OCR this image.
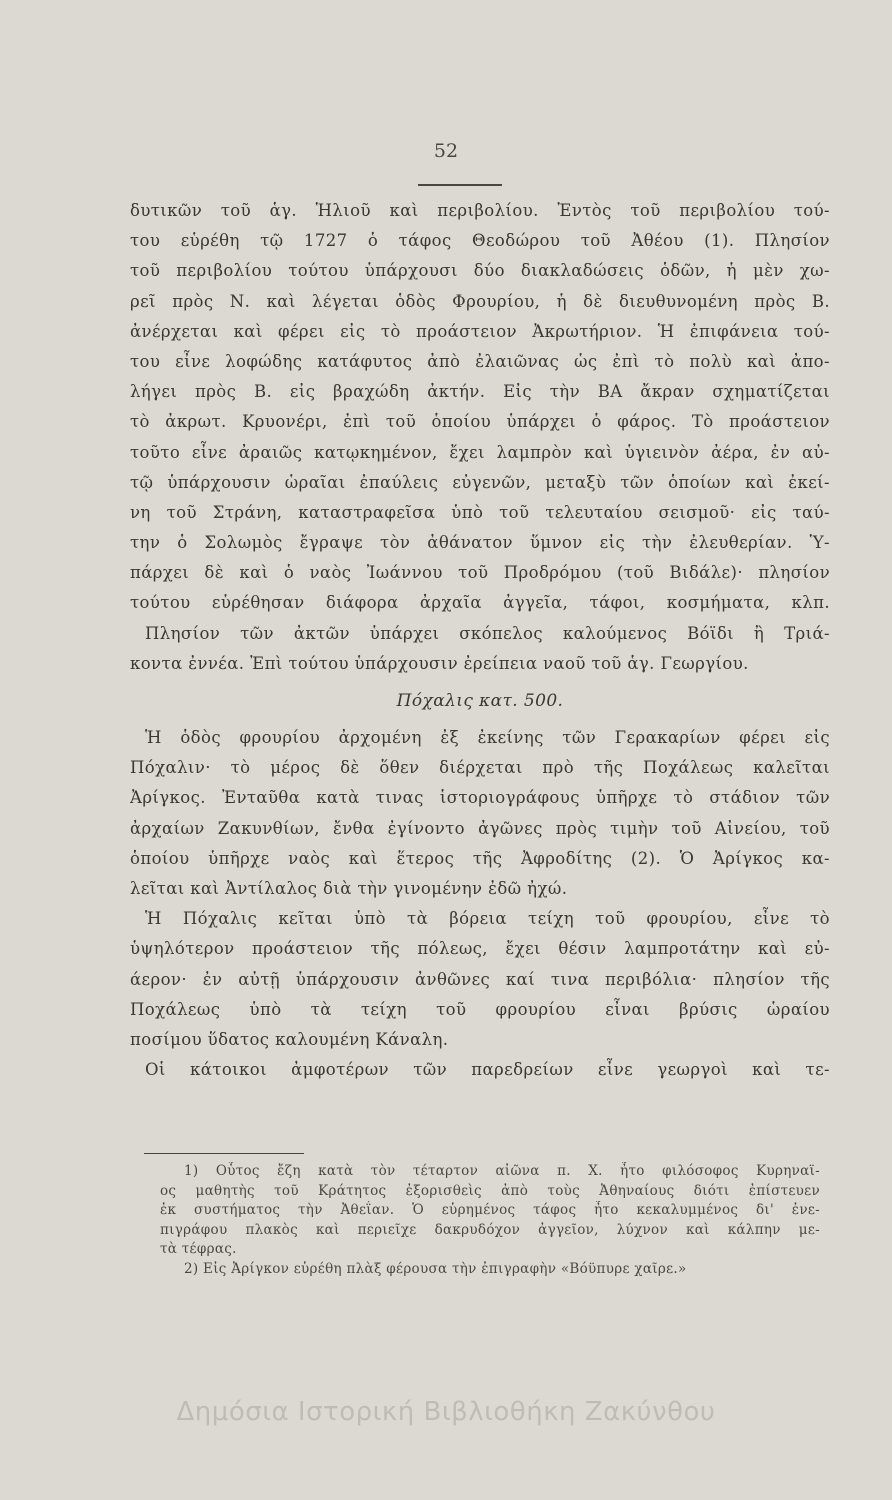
52
δυτικῶν τοῦ ἁγ. Ἡλιοῦ καὶ περιβολίου. Ἐντὸς τοῦ περιβολίου τού-
του εὑρέθη τῷ 1727 ὁ τάφος Θεοδώρου τοῦ Ἀθέου (1). Πλησίον
τοῦ περιβολίου τούτου ὑπάρχουσι δύο διακλαδώσεις ὁδῶν, ἡ μὲν χω-
ρεῖ πρὸς Ν. καὶ λέγεται ὁδὸς Φρουρίου, ἡ δὲ διευθυνομένη πρὸς Β.
ἀνέρχεται καὶ φέρει εἰς τὸ προάστειον Ἀκρωτήριον. Ἡ ἐπιφάνεια τού-
του εἶνε λοφώδης κατάφυτος ἀπὸ ἐλαιῶνας ὡς ἐπὶ τὸ πολὺ καὶ ἀπο-
λήγει πρὸς Β. εἰς βραχώδη ἀκτήν. Εἰς τὴν ΒΑ ἄκραν σχηματίζεται
τὸ ἀκρωτ. Κρυονέρι, ἐπὶ τοῦ ὁποίου ὑπάρχει ὁ φάρος. Τὸ προάστειον
τοῦτο εἶνε ἀραιῶς κατῳκημένον, ἔχει λαμπρὸν καὶ ὑγιεινὸν ἀέρα, ἐν αὐ-
τῷ ὑπάρχουσιν ὡραῖαι ἐπαύλεις εὐγενῶν, μεταξὺ τῶν ὁποίων καὶ ἐκεί-
νη τοῦ Στράνη, καταστραφεῖσα ὑπὸ τοῦ τελευταίου σεισμοῦ· εἰς ταύ-
την ὁ Σολωμὸς ἔγραψε τὸν ἀθάνατον ὕμνον εἰς τὴν ἐλευθερίαν. Ὑ-
πάρχει δὲ καὶ ὁ ναὸς Ἰωάννου τοῦ Προδρόμου (τοῦ Βιδάλε)· πλησίον
τούτου εὑρέθησαν διάφορα ἀρχαῖα ἀγγεῖα, τάφοι, κοσμήματα, κλπ.
Πλησίον τῶν ἀκτῶν ὑπάρχει σκόπελος καλούμενος Βόϊδι ἢ Τριά-
κοντα ἐννέα. Ἐπὶ τούτου ὑπάρχουσιν ἐρείπεια ναοῦ τοῦ ἁγ. Γεωργίου.
Πόχαλις κατ. 500.
Ἡ ὁδὸς φρουρίου ἀρχομένη ἐξ ἐκείνης τῶν Γερακαρίων φέρει εἰς
Πόχαλιν· τὸ μέρος δὲ ὅθεν διέρχεται πρὸ τῆς Ποχάλεως καλεῖται
Ἀρίγκος. Ἐνταῦθα κατὰ τινας ἱστοριογράφους ὑπῆρχε τὸ στάδιον τῶν
ἀρχαίων Ζακυνθίων, ἔνθα ἐγίνοντο ἀγῶνες πρὸς τιμὴν τοῦ Αἰνείου, τοῦ
ὁποίου ὑπῆρχε ναὸς καὶ ἕτερος τῆς Ἀφροδίτης (2). Ὁ Ἀρίγκος κα-
λεῖται καὶ Ἀντίλαλος διὰ τὴν γινομένην ἐδῶ ἠχώ.
Ἡ Πόχαλις κεῖται ὑπὸ τὰ βόρεια τείχη τοῦ φρουρίου, εἶνε τὸ
ὑψηλότερον προάστειον τῆς πόλεως, ἔχει θέσιν λαμπροτάτην καὶ εὐ-
άερον· ἐν αὐτῇ ὑπάρχουσιν ἀνθῶνες καί τινα περιβόλια· πλησίον τῆς
Ποχάλεως ὑπὸ τὰ τείχη τοῦ φρουρίου εἶναι βρύσις ὡραίου
ποσίμου ὕδατος καλουμένη Κάναλη.
Οἱ κάτοικοι ἀμφοτέρων τῶν παρεδρείων εἶνε γεωργοὶ καὶ τε-
1) Οὗτος ἔζη κατὰ τὸν τέταρτον αἰῶνα π. Χ. ἦτο φιλόσοφος Κυρηναϊ-
ος μαθητὴς τοῦ Κράτητος ἐξορισθεὶς ἀπὸ τοὺς Ἀθηναίους διότι ἐπίστευεν
ἐκ συστήματος τὴν Ἀθεΐαν. Ὁ εὑρημένος τάφος ἦτο κεκαλυμμένος δι' ἐνε-
πιγράφου πλακὸς καὶ περιεῖχε δακρυδόχον ἀγγεῖον, λύχνον καὶ κάλπην με-
τὰ τέφρας.
2) Εἰς Ἀρίγκον εὑρέθη πλὰξ φέρουσα τὴν ἐπιγραφὴν «Βόϋπυρε χαῖρε.»
Δημόσια Ιστορική Βιβλιοθήκη Ζακύνθου
